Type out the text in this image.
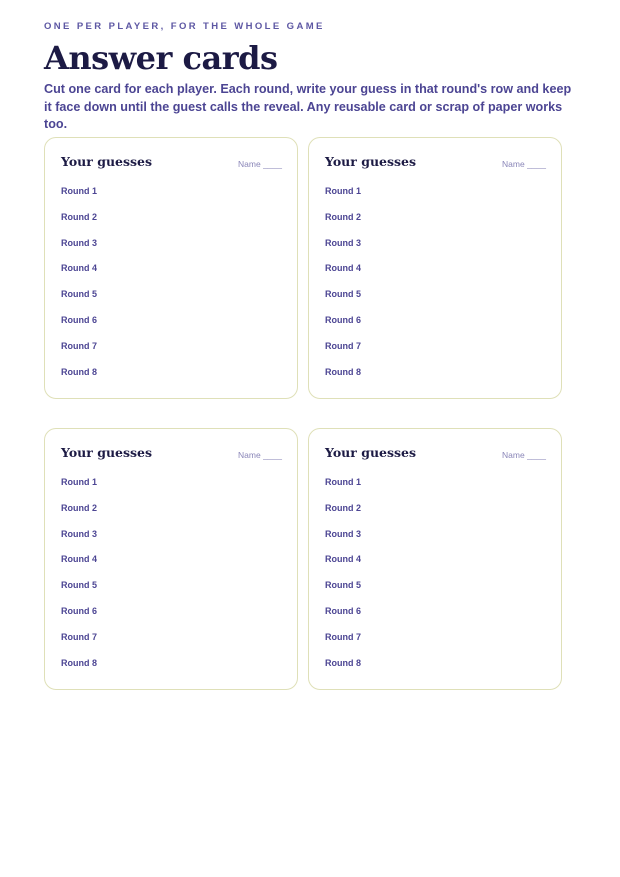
ONE PER PLAYER, FOR THE WHOLE GAME
Answer cards

Cut one card for each player. Each round, write your guess in that round's row and keep it face down until the guest calls the reveal. Any reusable card or scrap of paper works too.

Your guesses	Name ____
Round 1
Round 2
Round 3
Round 4
Round 5
Round 6
Round 7
Round 8
Your guesses	Name ____
Round 1
Round 2
Round 3
Round 4
Round 5
Round 6
Round 7
Round 8
Your guesses	Name ____
Round 1
Round 2
Round 3
Round 4
Round 5
Round 6
Round 7
Round 8
Your guesses	Name ____
Round 1
Round 2
Round 3
Round 4
Round 5
Round 6
Round 7
Round 8
